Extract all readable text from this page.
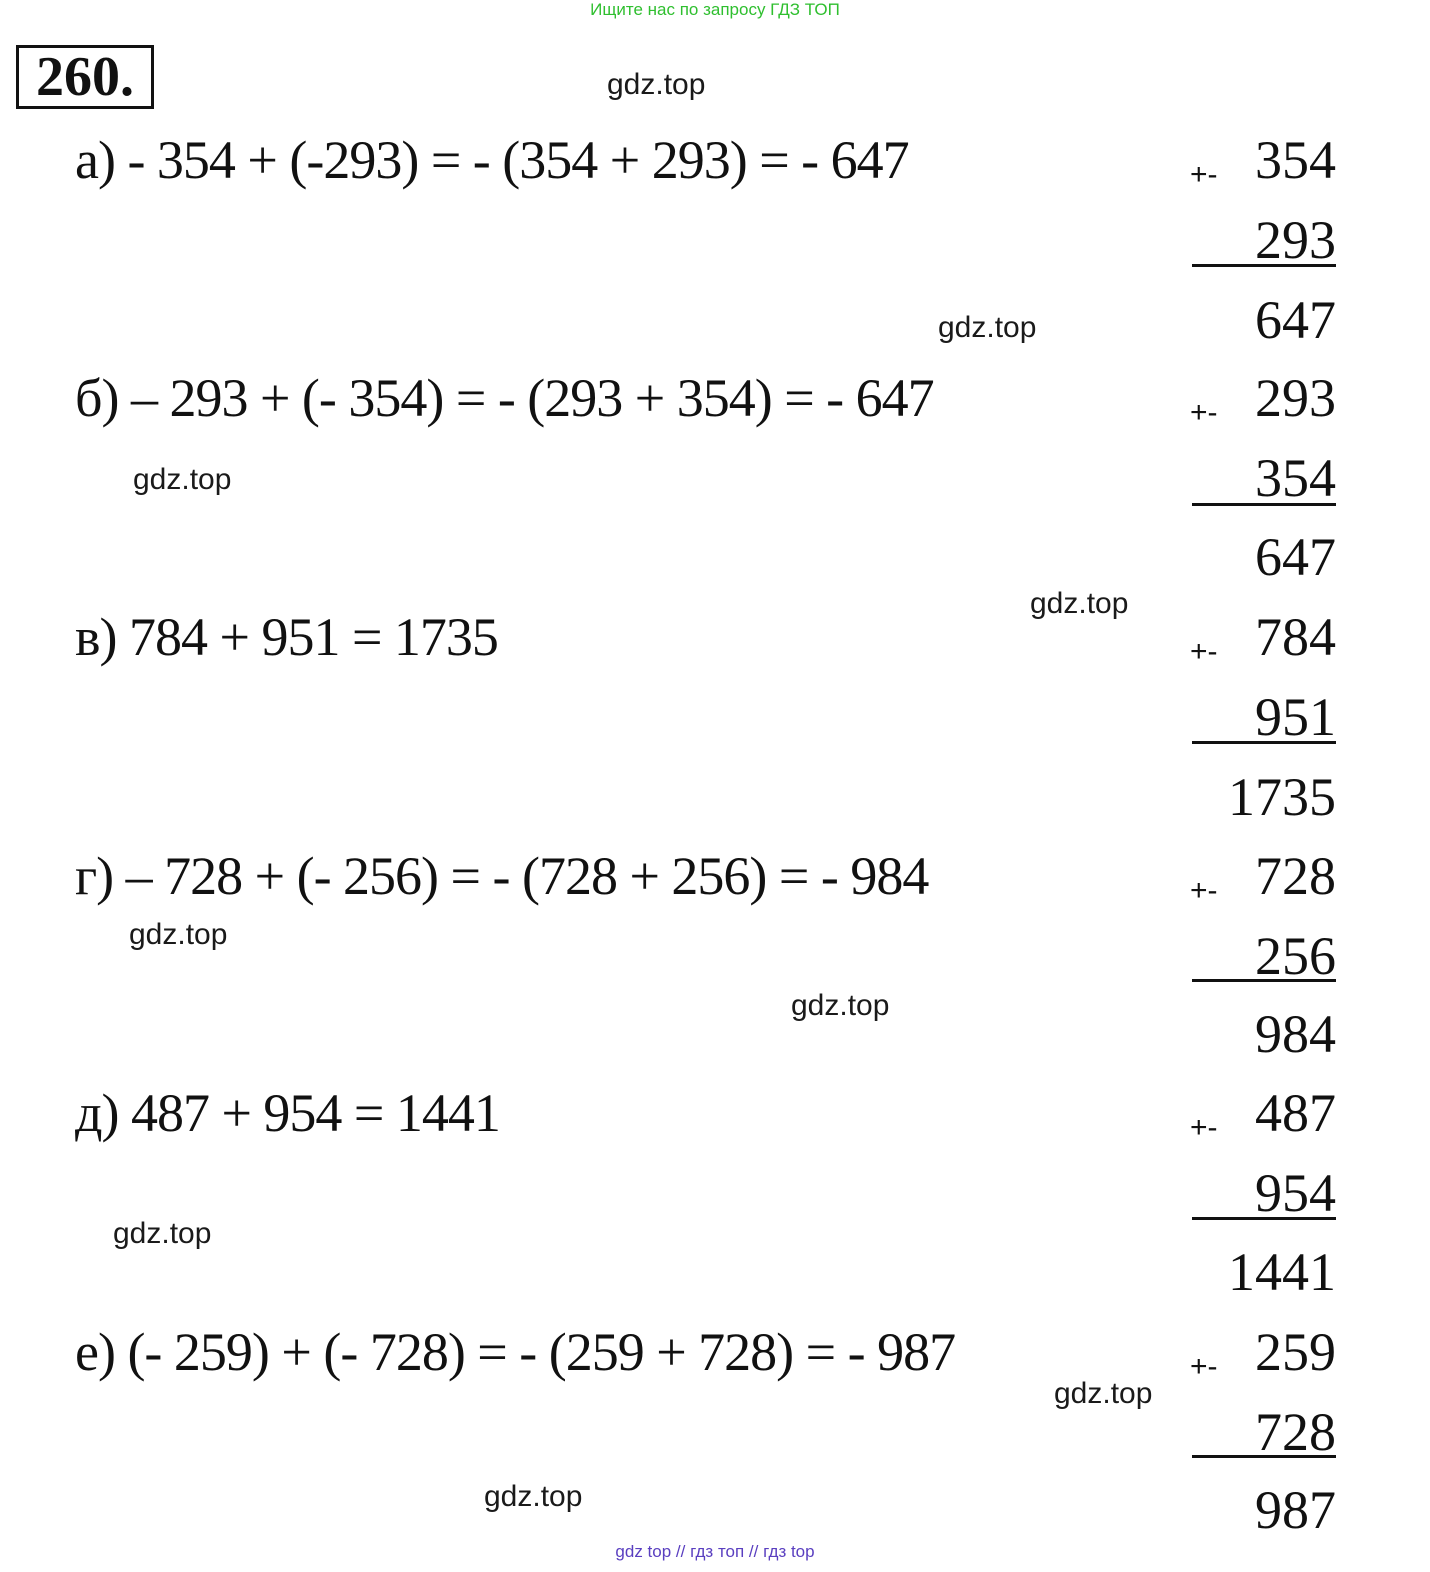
Ищите нас по запросу ГДЗ ТОП
260.	gdz.top
gdz.top
gdz.top
gdz.top
gdz.top
gdz.top
gdz.top
gdz.top
gdz.top
а) - 354 + (-293) = - (354 + 293) = - 647	+- 354
293
647
б) – 293 + (- 354) = - (293 + 354) = - 647	+- 293
354
647
в) 784 + 951 = 1735	+- 784
951
1735
г) – 728 + (- 256) = - (728 + 256) = - 984	+- 728
256
984
д) 487 + 954 = 1441	+- 487
954
1441
е) (- 259) + (- 728) = - (259 + 728) = - 987	+- 259
728
987
gdz top // гдз топ // гдз top
